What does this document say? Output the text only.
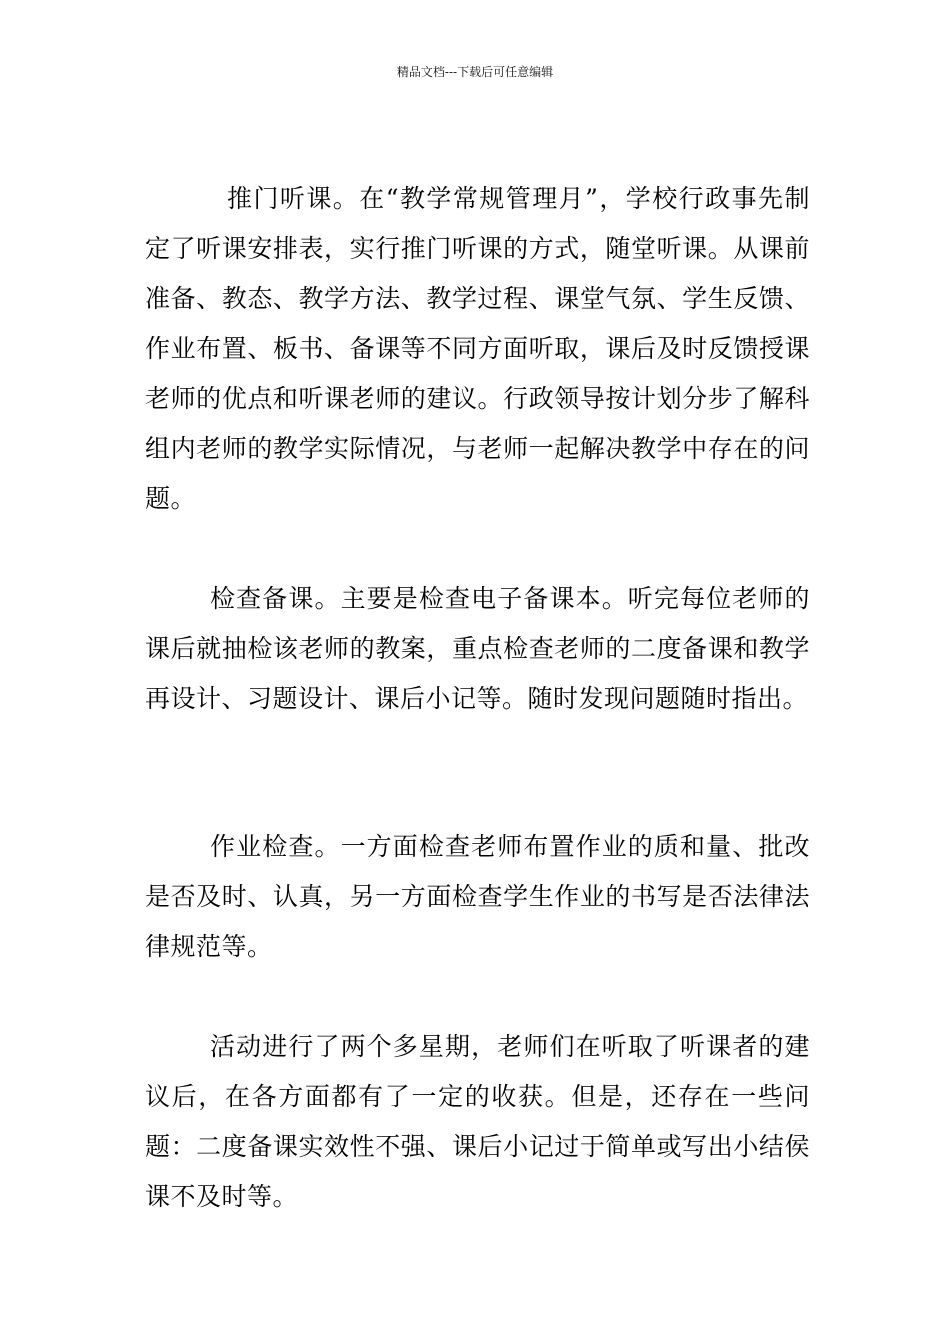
精品文档---下载后可任意编辑

推门听课。在“教学常规管理月”，学校行政事先制定了听课安排表，实行推门听课的方式，随堂听课。从课前准备、教态、教学方法、教学过程、课堂气氛、学生反馈、作业布置、板书、备课等不同方面听取，课后及时反馈授课老师的优点和听课老师的建议。行政领导按计划分步了解科组内老师的教学实际情况，与老师一起解决教学中存在的问题。

检查备课。主要是检查电子备课本。听完每位老师的课后就抽检该老师的教案，重点检查老师的二度备课和教学再设计、习题设计、课后小记等。随时发现问题随时指出。

作业检查。一方面检查老师布置作业的质和量、批改是否及时、认真，另一方面检查学生作业的书写是否法律法律规范等。

活动进行了两个多星期，老师们在听取了听课者的建议后，在各方面都有了一定的收获。但是，还存在一些问题：二度备课实效性不强、课后小记过于简单或写出小结侯课不及时等。
